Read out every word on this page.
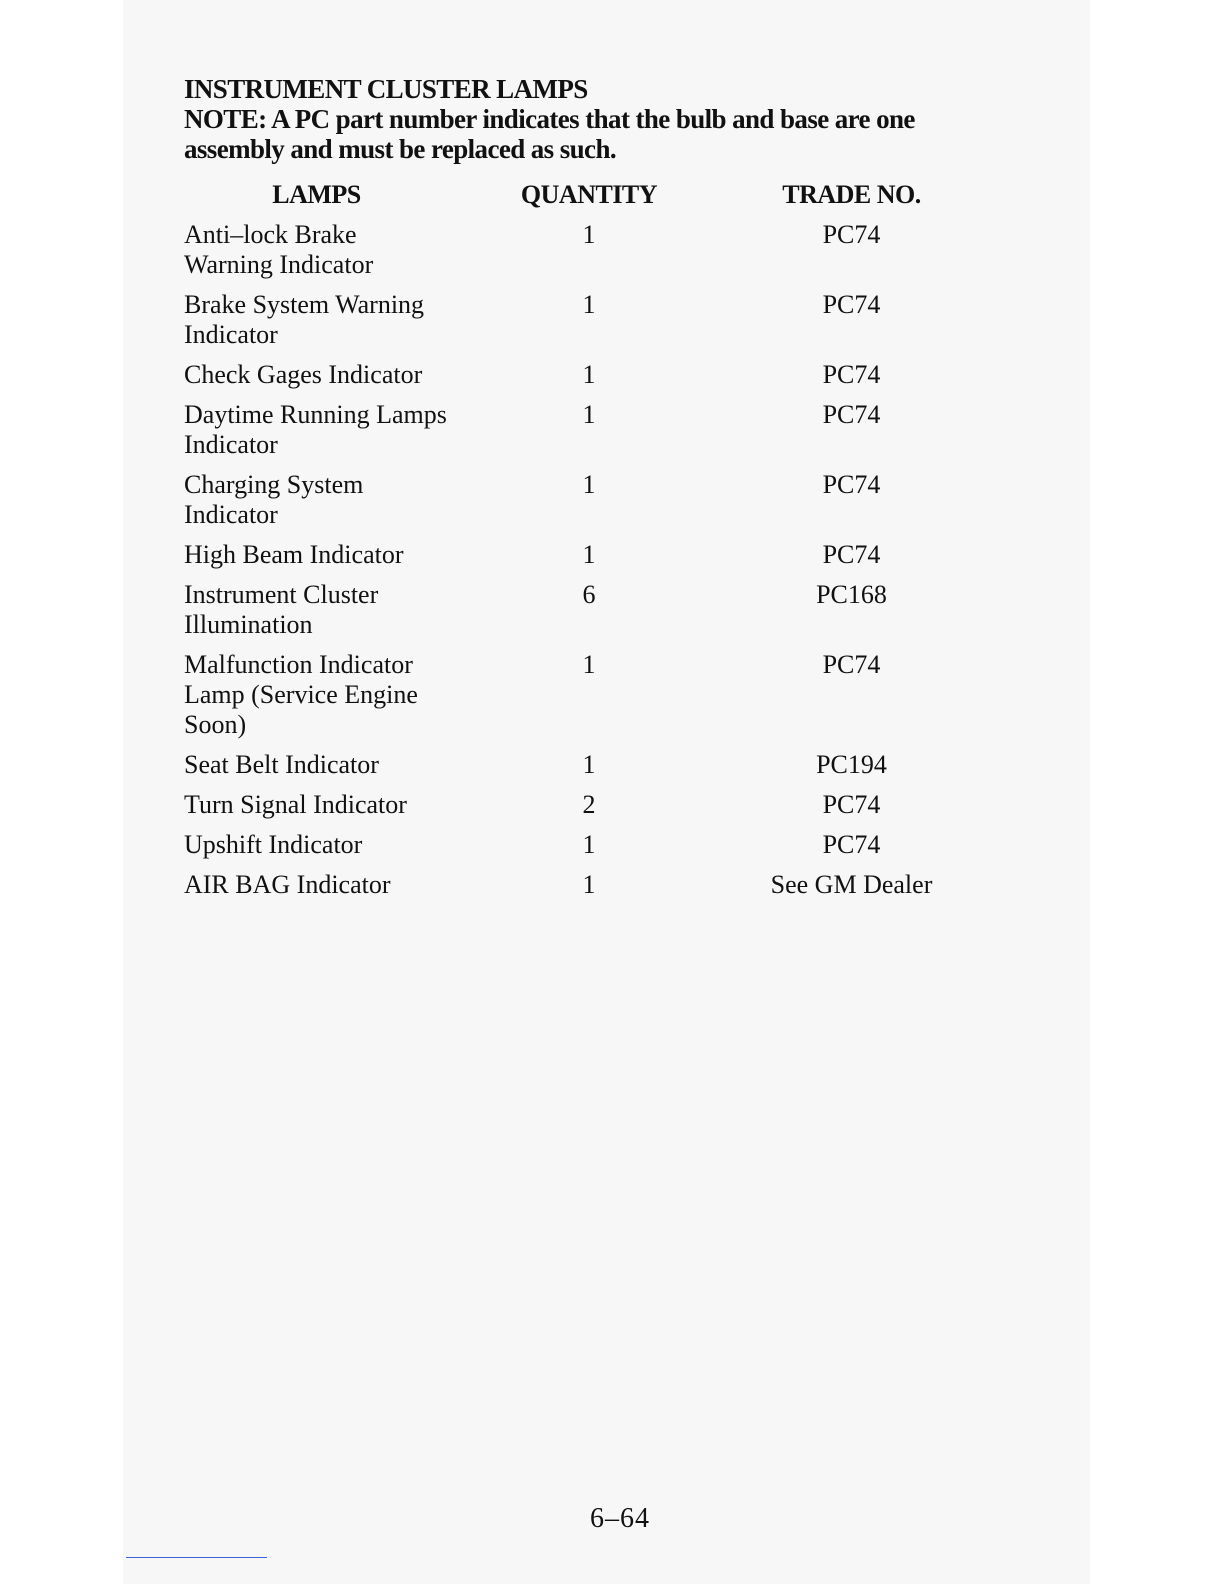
INSTRUMENT CLUSTER LAMPS

NOTE: A PC part number indicates that the bulb and base are one assembly and must be replaced as such.

LAMPS	QUANTITY	TRADE NO.
Anti–lock Brake Warning Indicator	1	PC74
Brake System Warning Indicator	1	PC74
Check Gages Indicator	1	PC74
Daytime Running Lamps Indicator	1	PC74
Charging System Indicator	1	PC74
High Beam Indicator	1	PC74
Instrument Cluster Illumination	6	PC168
Malfunction Indicator Lamp (Service Engine Soon)	1	PC74
Seat Belt Indicator	1	PC194
Turn Signal Indicator	2	PC74
Upshift Indicator	1	PC74
AIR BAG Indicator	1	See GM Dealer
6–64
